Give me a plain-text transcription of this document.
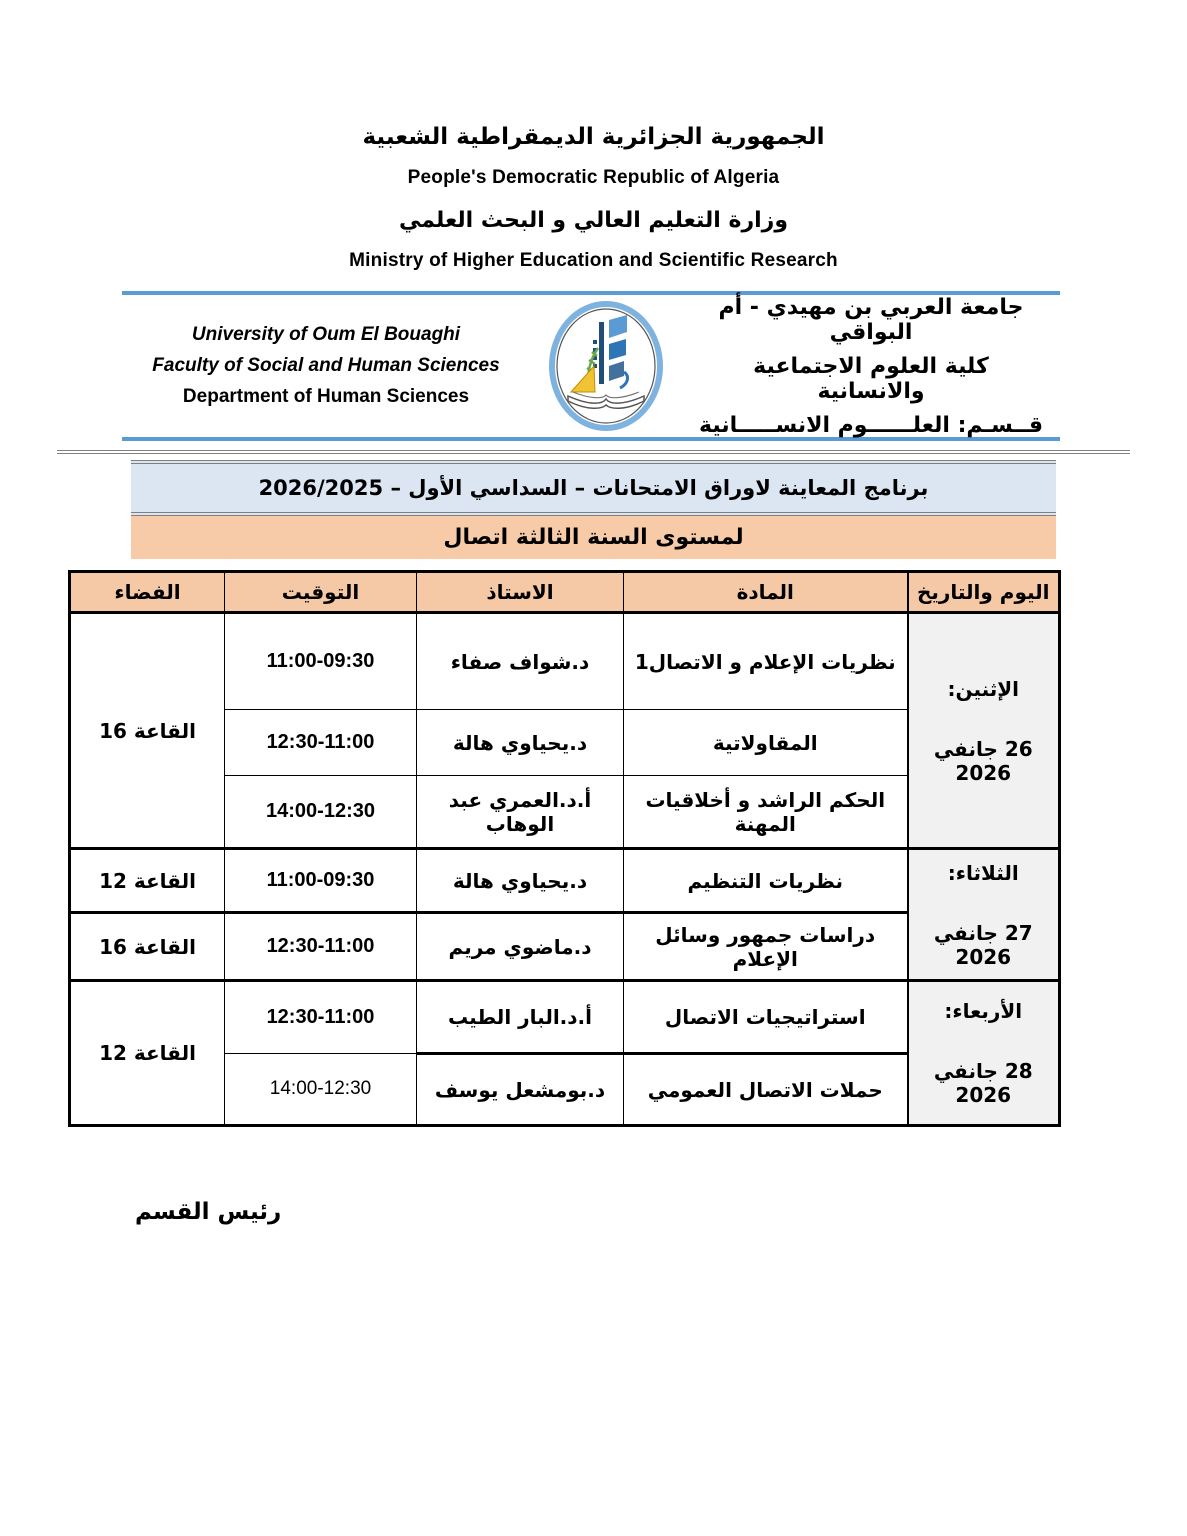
الجمهورية الجزائرية الديمقراطية الشعبية
People's Democratic Republic of Algeria
وزارة التعليم العالي و البحث العلمي
Ministry of Higher Education and Scientific Research
University of Oum El Bouaghi
Faculty of Social and Human Sciences
Department of Human Sciences
جامعة العربي بن مهيدي - أم البواقي
كلية العلوم الاجتماعية والانسانية
قــسـم: العلــــــوم الانســـــانية
برنامج المعاينة لاوراق الامتحانات – السداسي الأول – 2026/2025
لمستوى السنة الثالثة اتصال
اليوم والتاريخ	المادة	الاستاذ	التوقيت	الفضاء

الإثنين:
26 جانفي 2026	نظريات الإعلام و الاتصال1	د.شواف صفاء	11:00-09:30	القاعة 16
	المقاولاتية	د.يحياوي هالة	12:30-11:00	
	الحكم الراشد و أخلاقيات المهنة	أ.د.العمري عبد الوهاب	14:00-12:30	

الثلاثاء:
27 جانفي 2026	نظريات التنظيم	د.يحياوي هالة	11:00-09:30	القاعة 12
	دراسات جمهور وسائل الإعلام	د.ماضوي مريم	12:30-11:00	القاعة 16

الأربعاء:
28 جانفي 2026	استراتيجيات الاتصال	أ.د.البار الطيب	12:30-11:00	القاعة 12
	حملات الاتصال العمومي	د.بومشعل يوسف	14:00-12:30	
رئيس القسم
